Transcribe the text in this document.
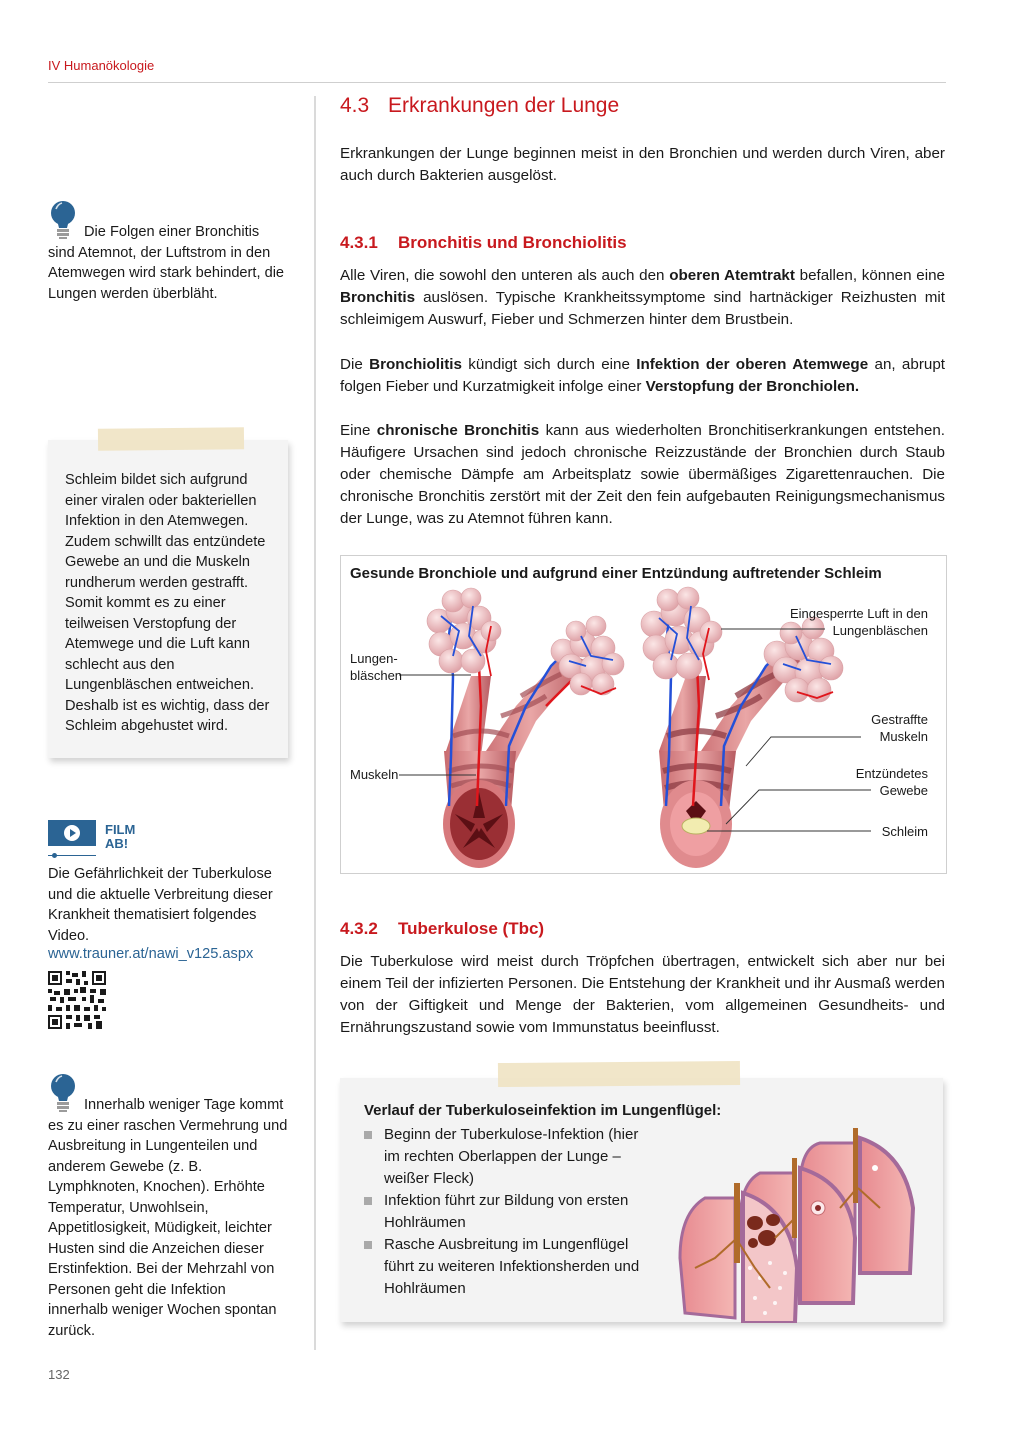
IV Humanökologie
Die Folgen einer Bronchitis sind Atemnot, der Luftstrom in den Atemwegen wird stark behindert, die Lungen werden überbläht.
Schleim bildet sich aufgrund einer viralen oder bakteriellen Infektion in den Atemwegen. Zudem schwillt das entzündete Gewebe an und die Muskeln rundherum werden gestrafft. Somit kommt es zu einer teilweisen Verstopfung der Atemwege und die Luft kann schlecht aus den Lungenbläschen entweichen. Deshalb ist es wichtig, dass der Schleim abgehustet wird.
FILM
AB!
Die Gefährlichkeit der Tuberkulose und die aktuelle Verbreitung dieser Krankheit thematisiert folgendes Video.
www.trauner.at/nawi_v125.aspx
Innerhalb weniger Tage kommt es zu einer raschen Vermehrung und Ausbreitung in Lungenteilen und anderem Gewebe (z. B. Lymphknoten, Knochen). Erhöhte Temperatur, Unwohlsein, Appetitlosigkeit, Müdigkeit, leichter Husten sind die Anzeichen dieser Erstinfektion. Bei der Mehrzahl von Personen geht die Infektion innerhalb weniger Wochen spontan zurück.
132
4.3 Erkrankungen der Lunge
Erkrankungen der Lunge beginnen meist in den Bronchien und werden durch Viren, aber auch durch Bakterien ausgelöst.
4.3.1 Bronchitis und Bronchiolitis
Alle Viren, die sowohl den unteren als auch den oberen Atemtrakt befallen, können eine Bronchitis auslösen. Typische Krankheitssymptome sind hartnäckiger Reizhusten mit schleimigem Auswurf, Fieber und Schmerzen hinter dem Brustbein.
Die Bronchiolitis kündigt sich durch eine Infektion der oberen Atemwege an, abrupt folgen Fieber und Kurzatmigkeit infolge einer Verstopfung der Bronchiolen.
Eine chronische Bronchitis kann aus wiederholten Bronchitiserkrankungen entstehen. Häufigere Ursachen sind jedoch chronische Reizzustände der Bronchien durch Staub oder chemische Dämpfe am Arbeitsplatz sowie übermäßiges Zigarettenrauchen. Die chronische Bronchitis zerstört mit der Zeit den fein aufgebauten Reinigungsmechanismus der Lunge, was zu Atemnot führen kann.
Gesunde Bronchiole und aufgrund einer Entzündung auftretender Schleim
Lungen-
bläschen
Muskeln
Eingesperrte Luft in den
Lungenbläschen
Gestraffte
Muskeln
Entzündetes
Gewebe
Schleim
4.3.2 Tuberkulose (Tbc)
Die Tuberkulose wird meist durch Tröpfchen übertragen, entwickelt sich aber nur bei einem Teil der infizierten Personen. Die Entstehung der Krankheit und ihr Ausmaß werden von der Giftigkeit und Menge der Bakterien, vom allgemeinen Gesundheits- und Ernährungszustand sowie vom Immunstatus beeinflusst.
Verlauf der Tuberkuloseinfektion im Lungenflügel:
Beginn der Tuberkulose-Infektion (hier im rechten Oberlappen der Lunge – weißer Fleck)
Infektion führt zur Bildung von ersten Hohlräumen
Rasche Ausbreitung im Lungenflügel führt zu weiteren Infektionsherden und Hohlräumen
